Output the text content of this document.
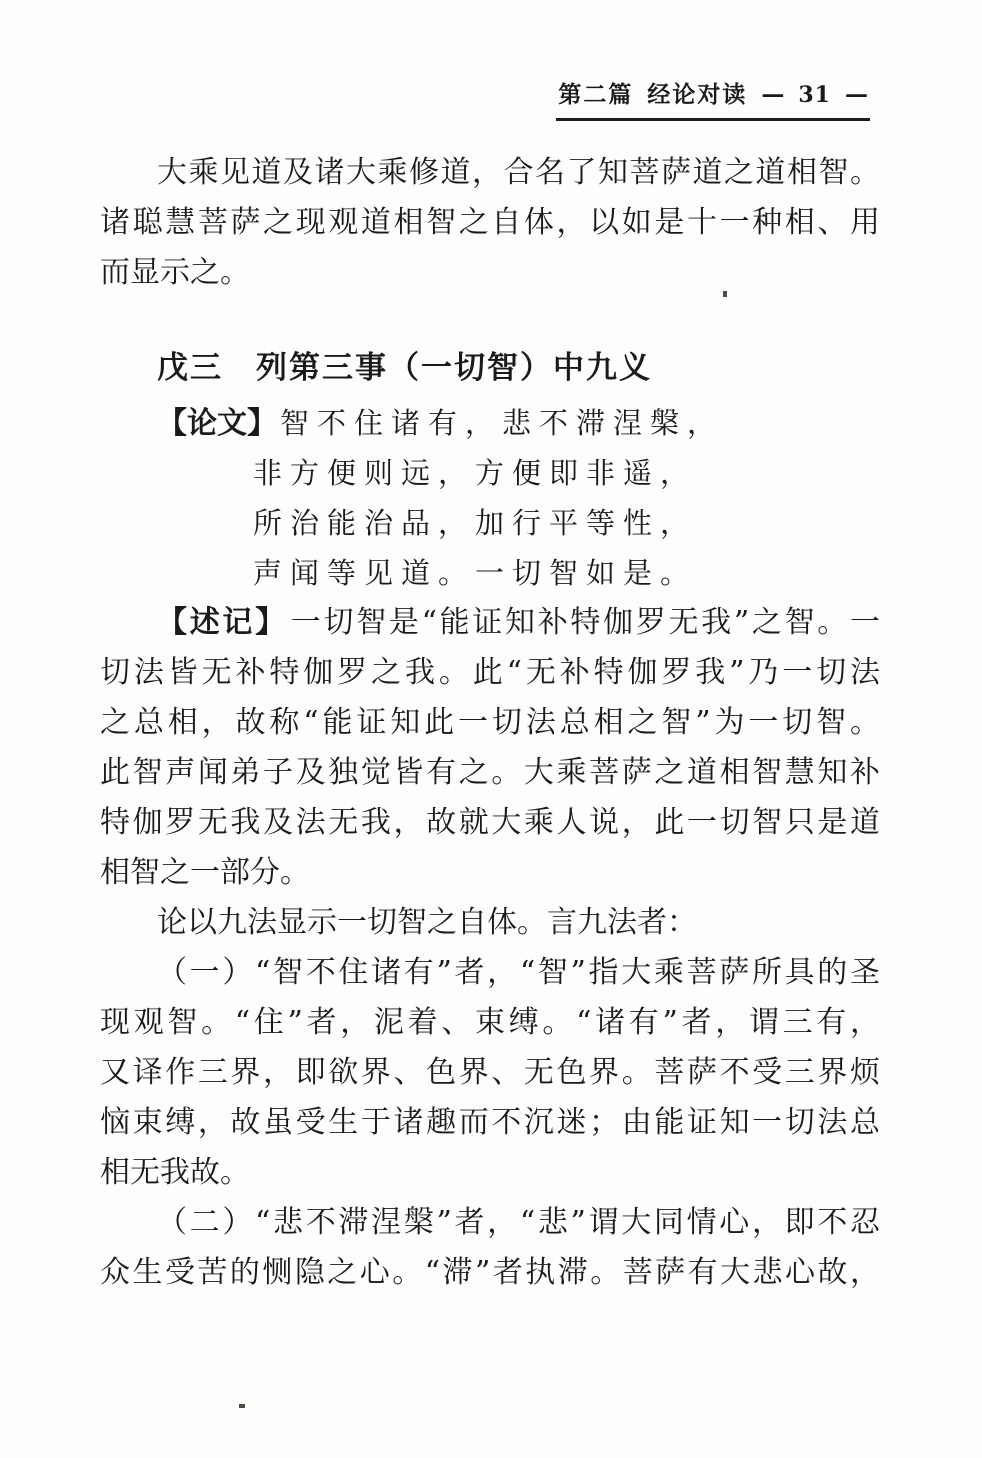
第二篇 经论对读 — 31 —
大乘见道及诸大乘修道，合名了知菩萨道之道相智。
诸聪慧菩萨之现观道相智之自体，以如是十一种相、用
而显示之。
戊三　列第三事（一切智）中九义
【论文】 智不住诸有，悲不滞涅槃，
非方便则远，方便即非遥，
所治能治品，加行平等性，
声闻等见道。一切智如是。
【述记】 一切智是“能证知补特伽罗无我”之智。一
切法皆无补特伽罗之我。此“无补特伽罗我”乃一切法
之总相，故称“能证知此一切法总相之智”为一切智。
此智声闻弟子及独觉皆有之。大乘菩萨之道相智慧知补
特伽罗无我及法无我，故就大乘人说，此一切智只是道
相智之一部分。
论以九法显示一切智之自体。言九法者：
（一）“智不住诸有”者，“智”指大乘菩萨所具的圣
现观智。“住”者，泥着、束缚。“诸有”者，谓三有，
又译作三界，即欲界、色界、无色界。菩萨不受三界烦
恼束缚，故虽受生于诸趣而不沉迷；由能证知一切法总
相无我故。
（二）“悲不滞涅槃”者，“悲”谓大同情心，即不忍
众生受苦的恻隐之心。“滞”者执滞。菩萨有大悲心故，
